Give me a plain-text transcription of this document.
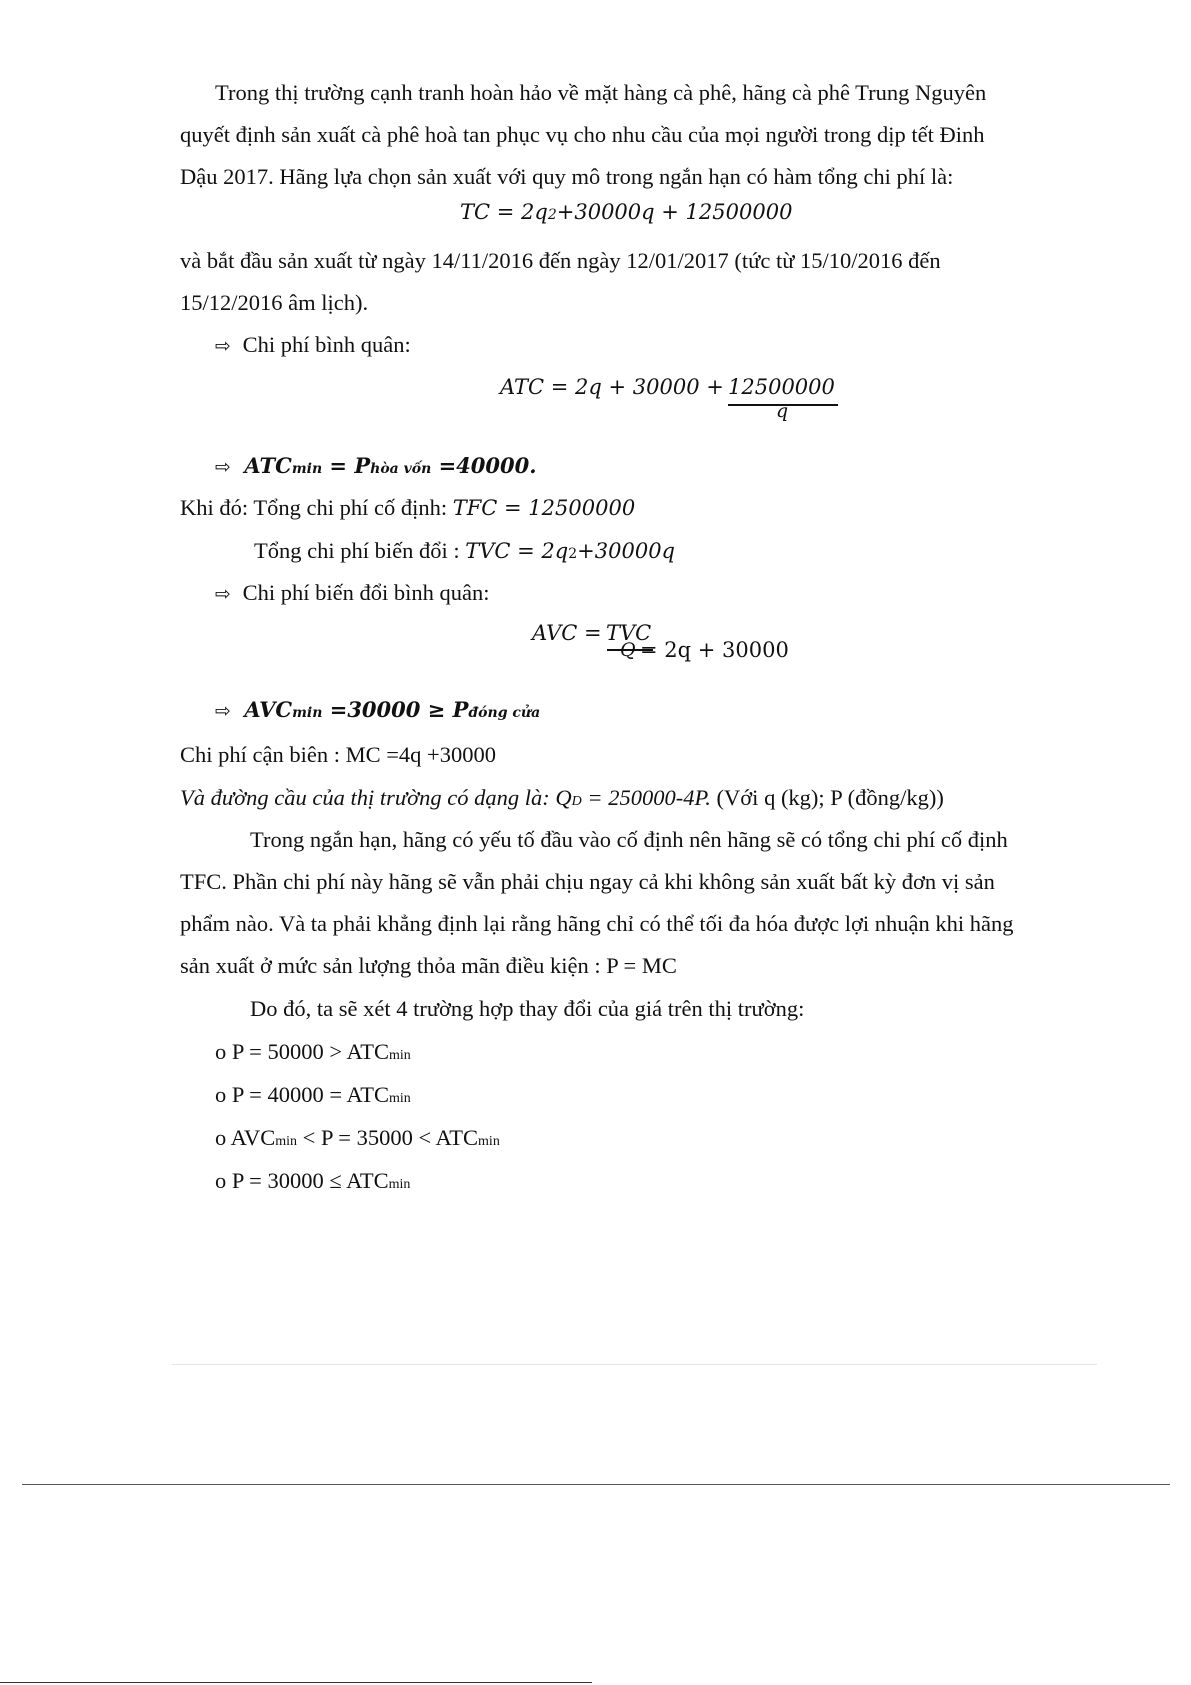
Trong thị trường cạnh tranh hoàn hảo về mặt hàng cà phê, hãng cà phê Trung Nguyên
quyết định sản xuất cà phê hoà tan phục vụ cho nhu cầu của mọi người trong dịp tết Đinh
Dậu 2017. Hãng lựa chọn sản xuất với quy mô trong ngắn hạn có hàm tổng chi phí là:
TC = 2q2+30000q + 12500000
và bắt đầu sản xuất từ ngày 14/11/2016 đến ngày 12/01/2017 (tức từ 15/10/2016 đến
15/12/2016 âm lịch).
⇨ Chi phí bình quân:
ATC = 2q + 30000 + 12500000
q
⇨ ATCmin = Phòa vốn =40000.
Khi đó: Tổng chi phí cố định: TFC = 12500000
Tổng chi phí biến đổi : TVC = 2q2+30000q
⇨ Chi phí biến đổi bình quân:
AVC = TVC
Q = 2q + 30000
⇨ AVCmin =30000 ≥ Pđóng cửa
Chi phí cận biên : MC =4q +30000
Và đường cầu của thị trường có dạng là: QD = 250000-4P. (Với q (kg); P (đồng/kg))
Trong ngắn hạn, hãng có yếu tố đầu vào cố định nên hãng sẽ có tổng chi phí cố định
TFC. Phần chi phí này hãng sẽ vẫn phải chịu ngay cả khi không sản xuất bất kỳ đơn vị sản
phẩm nào. Và ta phải khẳng định lại rằng hãng chỉ có thể tối đa hóa được lợi nhuận khi hãng
sản xuất ở mức sản lượng thỏa mãn điều kiện : P = MC
Do đó, ta sẽ xét 4 trường hợp thay đổi của giá trên thị trường:
o P = 50000 > ATCmin
o P = 40000 = ATCmin
o AVCmin < P = 35000 < ATCmin
o P = 30000 ≤ ATCmin
